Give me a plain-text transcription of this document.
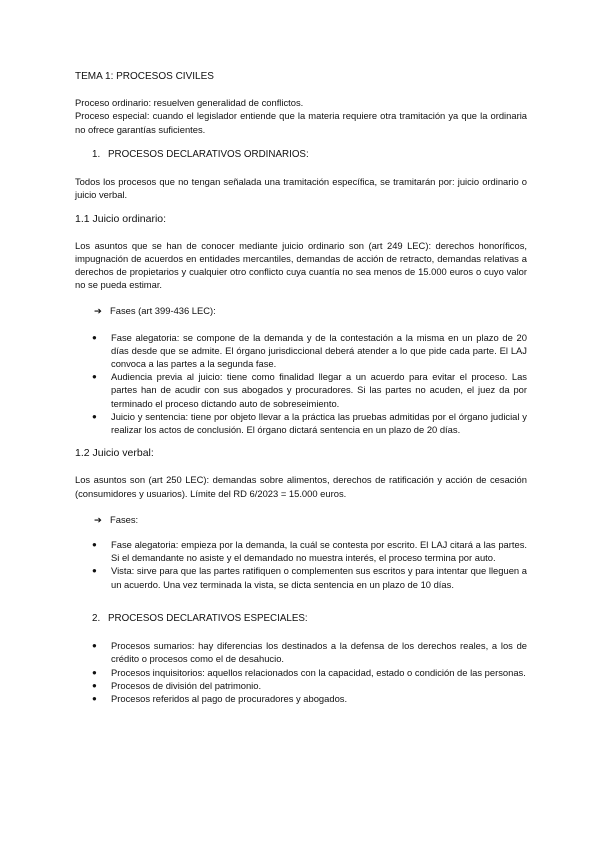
TEMA 1: PROCESOS CIVILES

Proceso ordinario: resuelven generalidad de conflictos.

Proceso especial: cuando el legislador entiende que la materia requiere otra tramitación ya que la ordinaria no ofrece garantías suficientes.

1. PROCESOS DECLARATIVOS ORDINARIOS:

Todos los procesos que no tengan señalada una tramitación específica, se tramitarán por: juicio ordinario o juicio verbal.

1.1 Juicio ordinario:

Los asuntos que se han de conocer mediante juicio ordinario son (art 249 LEC): derechos honoríficos, impugnación de acuerdos en entidades mercantiles, demandas de acción de retracto, demandas relativas a derechos de propietarios y cualquier otro conflicto cuya cuantía no sea menos de 15.000 euros o cuyo valor no se pueda estimar.

➔ Fases (art 399-436 LEC):

● Fase alegatoria: se compone de la demanda y de la contestación a la misma en un plazo de 20 días desde que se admite. El órgano jurisdiccional deberá atender a lo que pide cada parte. El LAJ convoca a las partes a la segunda fase.
● Audiencia previa al juicio: tiene como finalidad llegar a un acuerdo para evitar el proceso. Las partes han de acudir con sus abogados y procuradores. Si las partes no acuden, el juez da por terminado el proceso dictando auto de sobreseimiento.
● Juicio y sentencia: tiene por objeto llevar a la práctica las pruebas admitidas por el órgano judicial y realizar los actos de conclusión. El órgano dictará sentencia en un plazo de 20 días.

1.2 Juicio verbal:

Los asuntos son (art 250 LEC): demandas sobre alimentos, derechos de ratificación y acción de cesación (consumidores y usuarios). Límite del RD 6/2023 = 15.000 euros.

➔ Fases:

● Fase alegatoria: empieza por la demanda, la cuál se contesta por escrito. El LAJ citará a las partes. Si el demandante no asiste y el demandado no muestra interés, el proceso termina por auto.
● Vista: sirve para que las partes ratifiquen o complementen sus escritos y para intentar que lleguen a un acuerdo. Una vez terminada la vista, se dicta sentencia en un plazo de 10 días.

2. PROCESOS DECLARATIVOS ESPECIALES:

● Procesos sumarios: hay diferencias los destinados a la defensa de los derechos reales, a los de crédito o procesos como el de desahucio.
● Procesos inquisitorios: aquellos relacionados con la capacidad, estado o condición de las personas.
● Procesos de división del patrimonio.
● Procesos referidos al pago de procuradores y abogados.
